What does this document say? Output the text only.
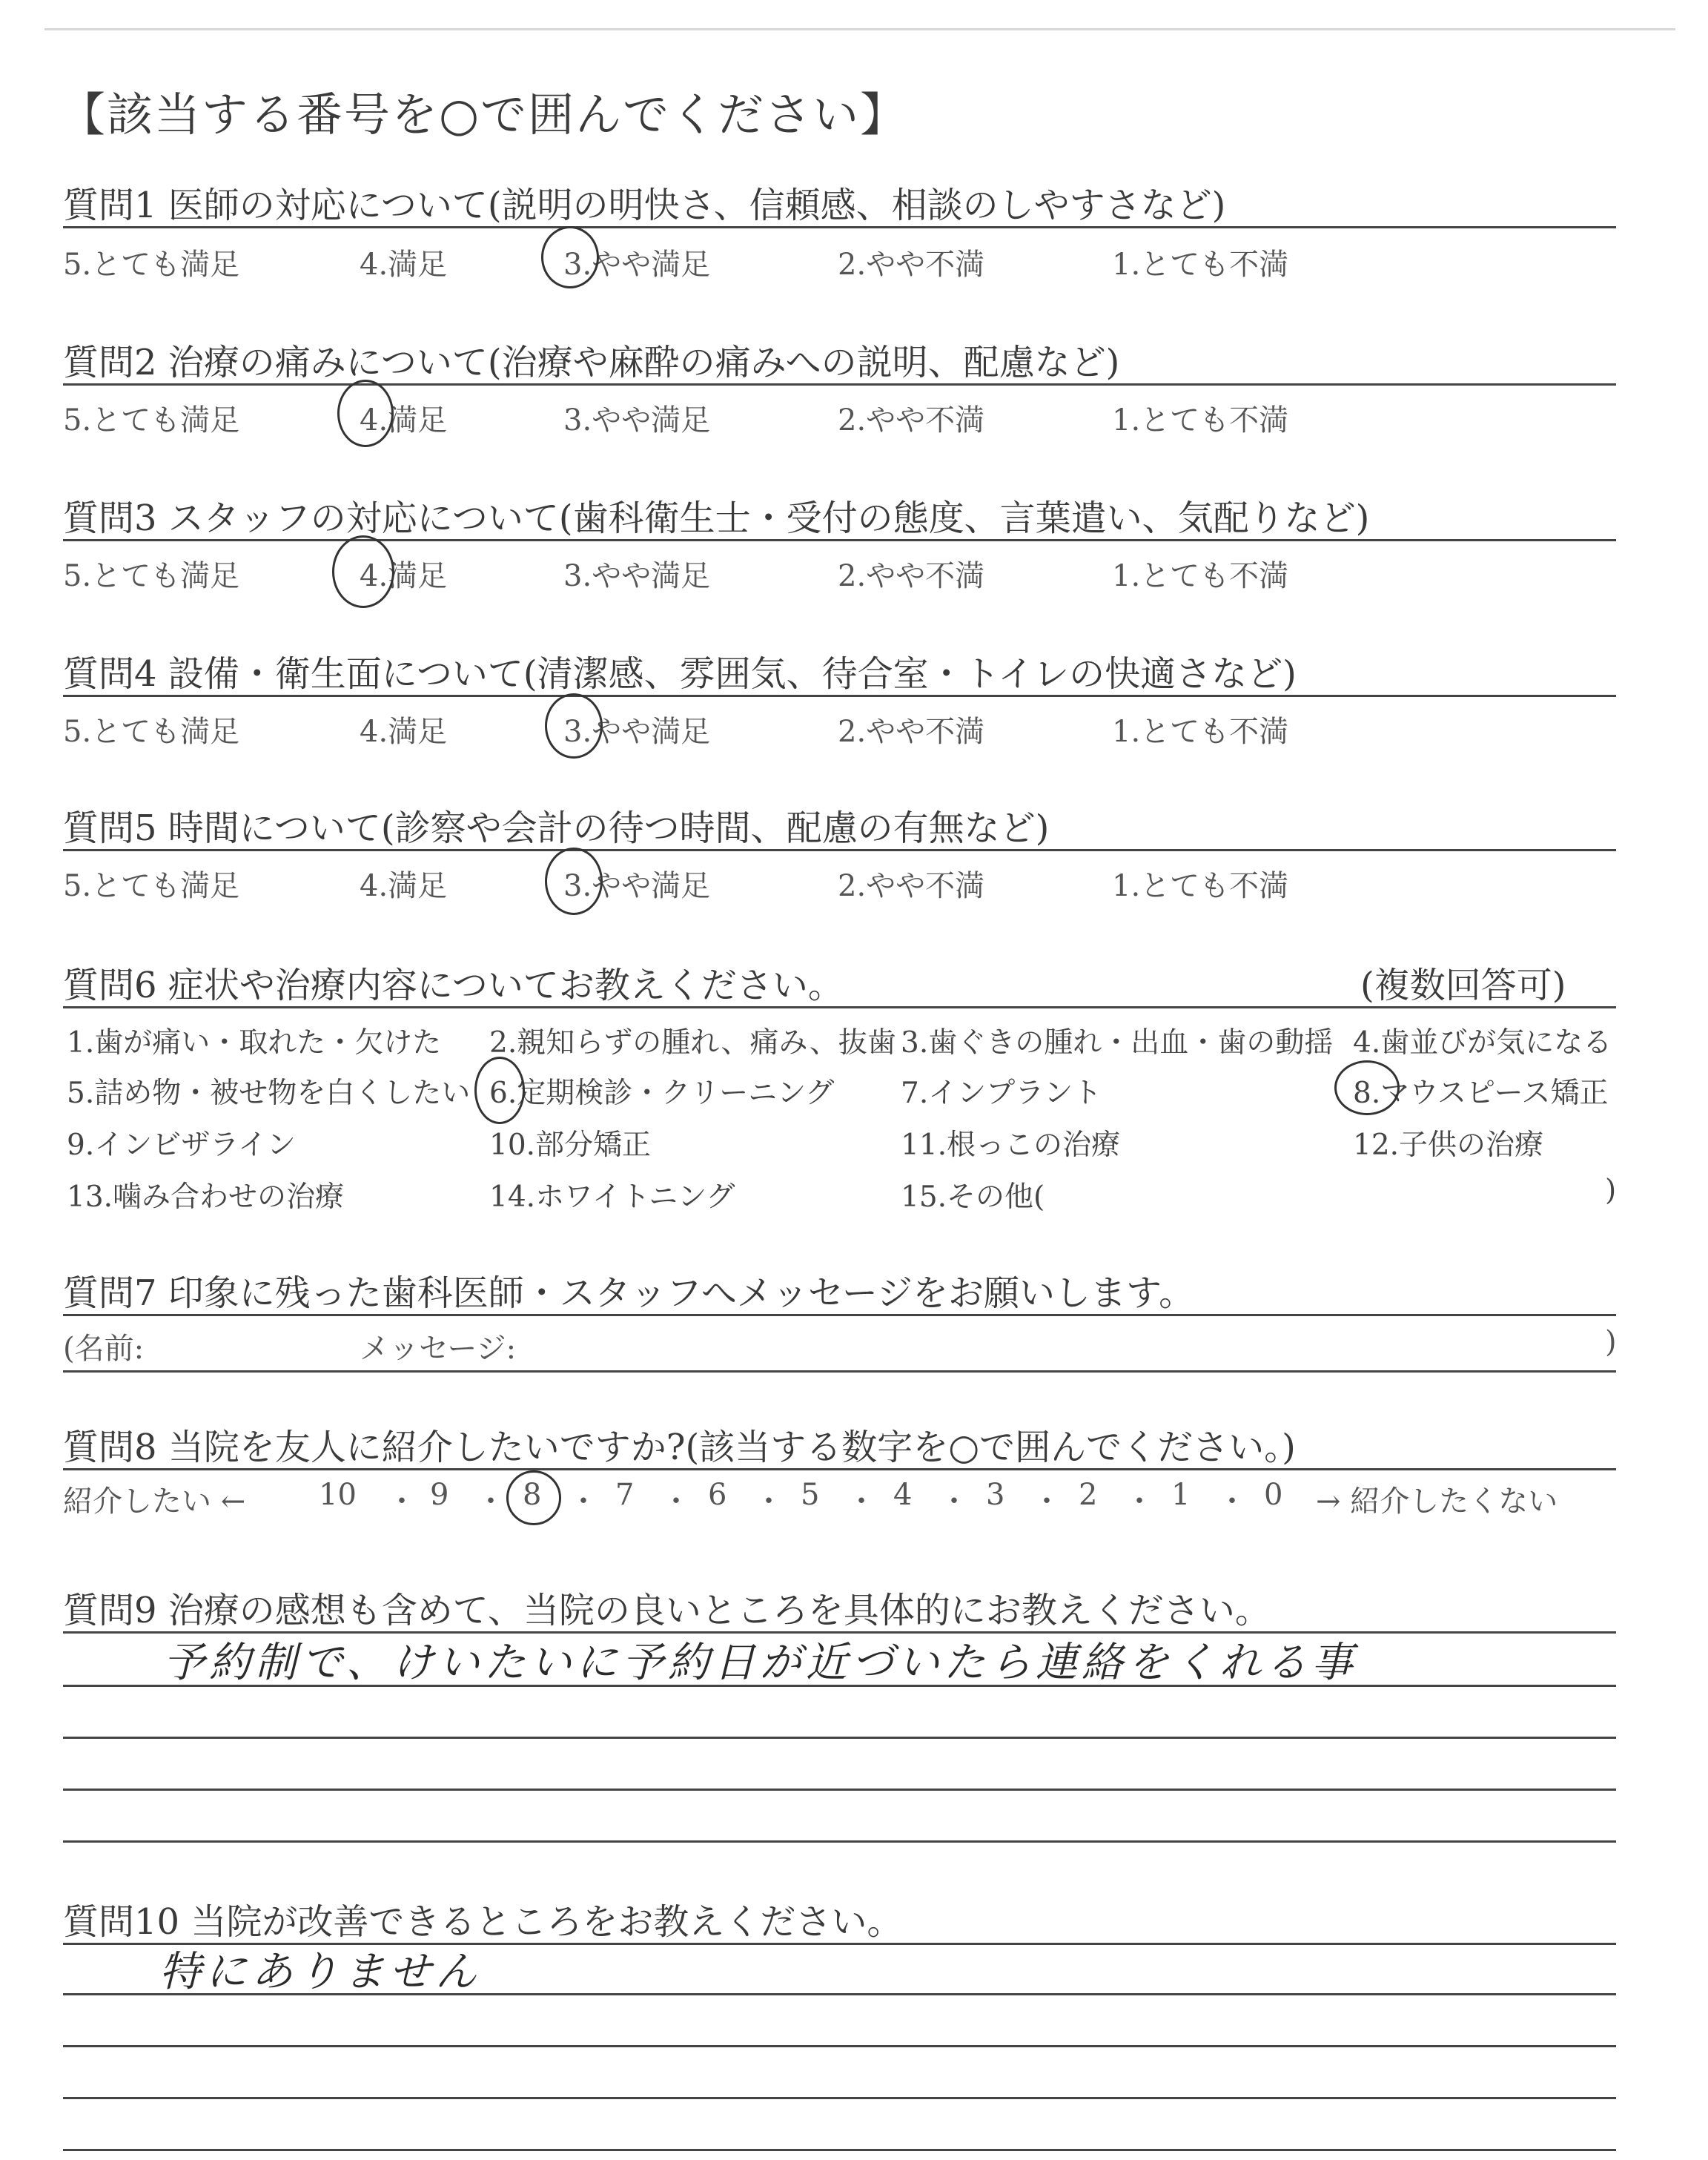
【該当する番号を○で囲んでください】
質問1 医師の対応について(説明の明快さ、信頼感、相談のしやすさなど)
5.とても満足	4.満足	3.やや満足	2.やや不満	1.とても不満
質問2 治療の痛みについて(治療や麻酔の痛みへの説明、配慮など)
5.とても満足	4.満足	3.やや満足	2.やや不満	1.とても不満
質問3 スタッフの対応について(歯科衛生士・受付の態度、言葉遣い、気配りなど)
5.とても満足	4.満足	3.やや満足	2.やや不満	1.とても不満
質問4 設備・衛生面について(清潔感、雰囲気、待合室・トイレの快適さなど)
5.とても満足	4.満足	3.やや満足	2.やや不満	1.とても不満
質問5 時間について(診察や会計の待つ時間、配慮の有無など)
5.とても満足	4.満足	3.やや満足	2.やや不満	1.とても不満
質問6 症状や治療内容についてお教えください。	(複数回答可)
1.歯が痛い・取れた・欠けた 2.親知らずの腫れ、痛み、抜歯 3.歯ぐきの腫れ・出血・歯の動揺 4.歯並びが気になる
5.詰め物・被せ物を白くしたい 6.定期検診・クリーニング 7.インプラント	8.マウスピース矯正
9.インビザライン	10.部分矯正	11.根っこの治療	12.子供の治療
13.噛み合わせの治療	14.ホワイトニング	15.その他(	)
質問7 印象に残った歯科医師・スタッフへメッセージをお願いします。
(名前:	メッセージ:	)
質問8 当院を友人に紹介したいですか?(該当する数字を○で囲んでください。)
紹介したい ← 10 ・ 9 ・ 8 ・ 7 ・ 6 ・ 5 ・ 4 ・ 3 ・ 2 ・ 1 ・ 0 → 紹介したくない
質問9 治療の感想も含めて、当院の良いところを具体的にお教えください。
予約制で、けいたいに予約日が近づいたら連絡をくれる事
質問10 当院が改善できるところをお教えください。
特にありません
